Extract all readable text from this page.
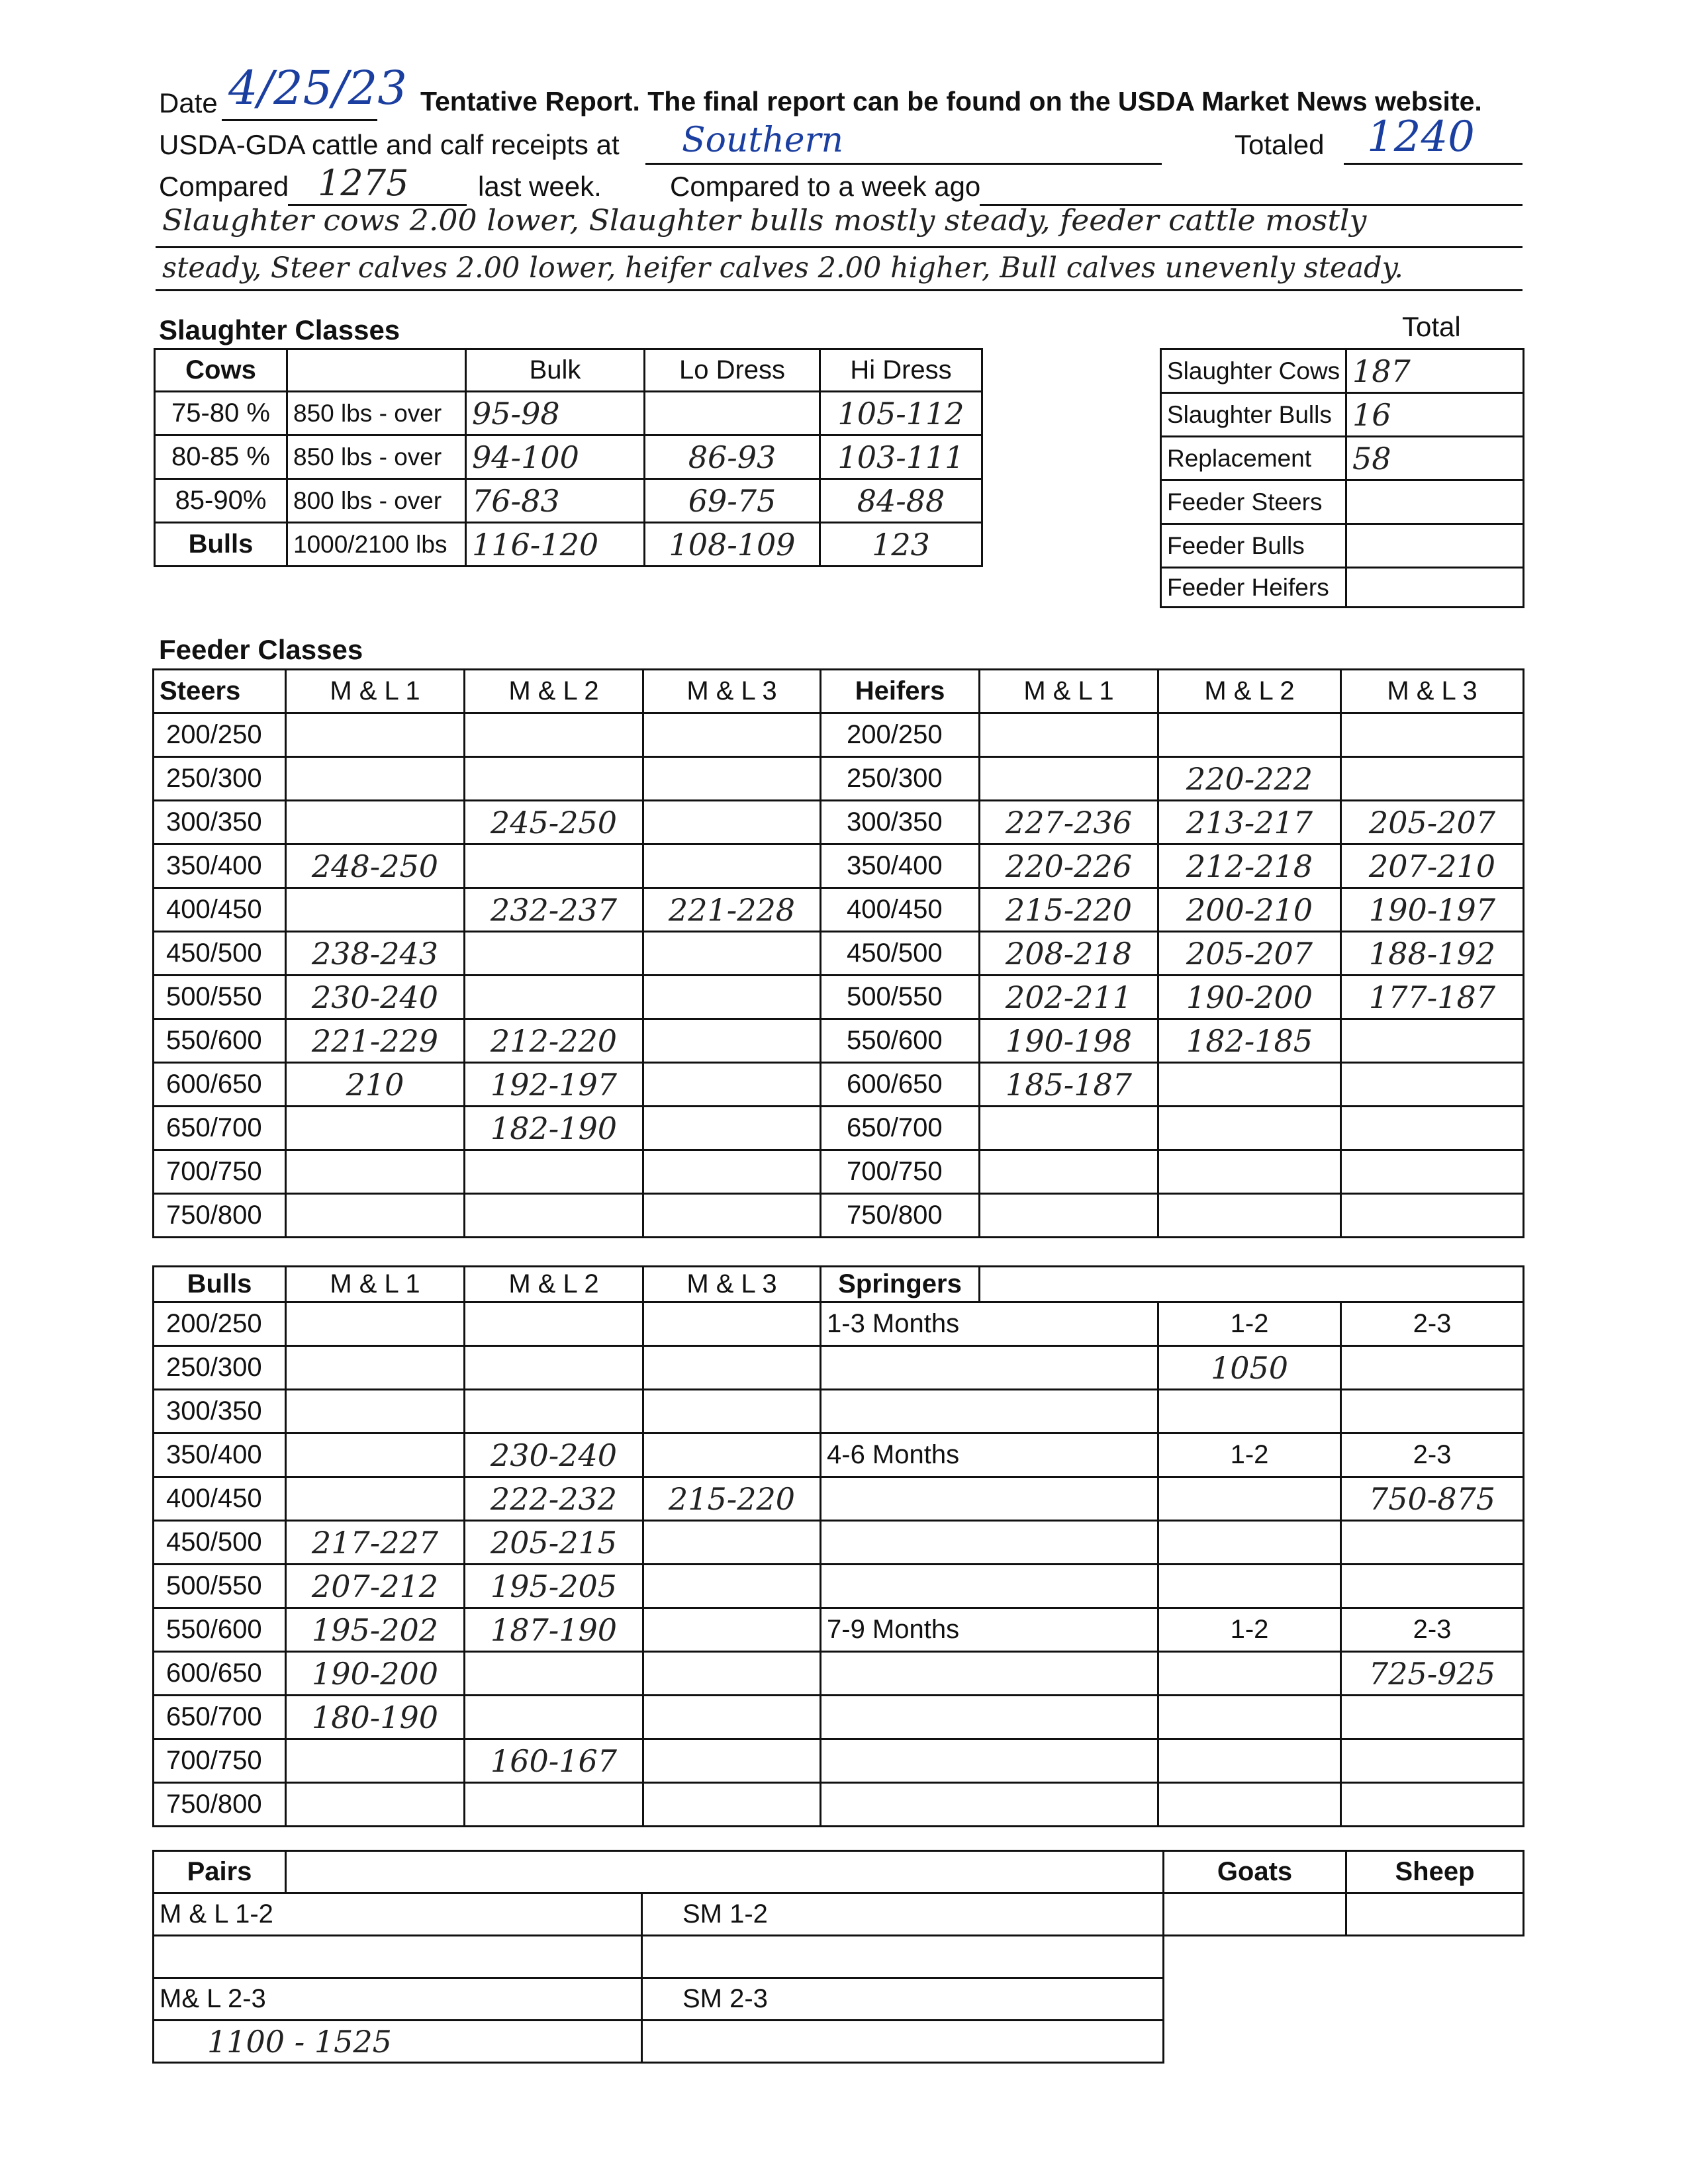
Date 4/25/23 Tentative Report. The final report can be found on the USDA Market News website.
USDA-GDA cattle and calf receipts at Southern	Totaled 1240
Compared 1275 last week. Compared to a week ago
Slaughter cows 2.00 lower, Slaughter bulls mostly steady, feeder cattle mostly
steady, Steer calves 2.00 lower, heifer calves 2.00 higher, Bull calves unevenly steady.
Slaughter Classes
Cows		Bulk	Lo Dress	Hi Dress
75-80 %	850 lbs - over	95-98		105-112
80-85 %	850 lbs - over	94-100	86-93	103-111
85-90%	800 lbs - over	76-83	69-75	84-88
Bulls	1000/2100 lbs	116-120	108-109	123
Total
Slaughter Cows	187
Slaughter Bulls	16
Replacement	58
Feeder Steers	
Feeder Bulls	
Feeder Heifers	
Feeder Classes
Steers	M & L 1	M & L 2	M & L 3	Heifers	M & L 1	M & L 2	M & L 3
200/250				200/250			
250/300				250/300		220-222	
300/350		245-250		300/350	227-236	213-217	205-207
350/400	248-250			350/400	220-226	212-218	207-210
400/450		232-237	221-228	400/450	215-220	200-210	190-197
450/500	238-243			450/500	208-218	205-207	188-192
500/550	230-240			500/550	202-211	190-200	177-187
550/600	221-229	212-220		550/600	190-198	182-185	
600/650	210	192-197		600/650	185-187		
650/700		182-190		650/700			
700/750				700/750			
750/800				750/800			
Bulls	M & L 1	M & L 2	M & L 3	Springers			
200/250				1-3 Months		1-2	2-3
250/300						1050	
300/350							
350/400		230-240		4-6 Months		1-2	2-3
400/450		222-232	215-220				750-875
450/500	217-227	205-215					
500/550	207-212	195-205					
550/600	195-202	187-190		7-9 Months		1-2	2-3
600/650	190-200						725-925
650/700	180-190						
700/750		160-167					
750/800							
Pairs			Goats	Sheep
M & L 1-2		SM 1-2		

M& L 2-3		SM 2-3		
1100 - 1525				
